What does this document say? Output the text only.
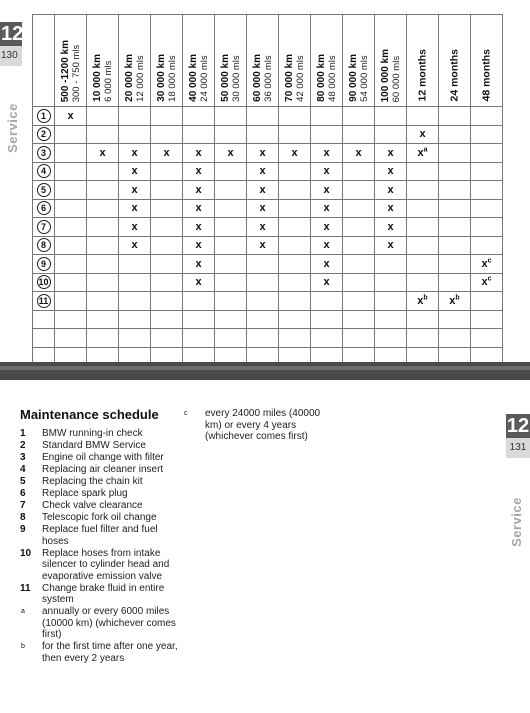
12
130
Service

	500 -1200 km 300 - 750 mls	10 000 km 6 000 mls	20 000 km 12 000 mls	30 000 km 18 000 mls	40 000 km 24 000 mls	50 000 km 30 000 mls	60 000 km 36 000 mls	70 000 km 42 000 mls	80 000 km 48 000 mls	90 000 km 54 000 mls	100 000 km 60 000 mls	12 months	24 months	48 months

1	x													
2												x		
3		x	x	x	x	x	x	x	x	x	x	$x^a$		
4			x		x		x		x		x			
5			x		x		x		x		x			
6			x		x		x		x		x			
7			x		x		x		x		x			
8			x		x		x		x		x			
9					x				x					$x^c$
10					x				x					$x^c$
11												$x^b$	$x^b$	

Maintenance schedule
1	BMW running-in check
2	Standard BMW Service
3	Engine oil change with filter
4	Replacing air cleaner insert
5	Replacing the chain kit
6	Replace spark plug
7	Check valve clearance
8	Telescopic fork oil change
9	Replace fuel filter and fuel hoses
10	Replace hoses from intake silencer to cylinder head and evaporative emission valve
11	Change brake fluid in entire system
a	annually or every 6000 miles (10000 km) (whichever comes first)
b	for the first time after one year, then every 2 years
c	every 24000 miles (40000 km) or every 4 years (whichever comes first)	12
131
Service
